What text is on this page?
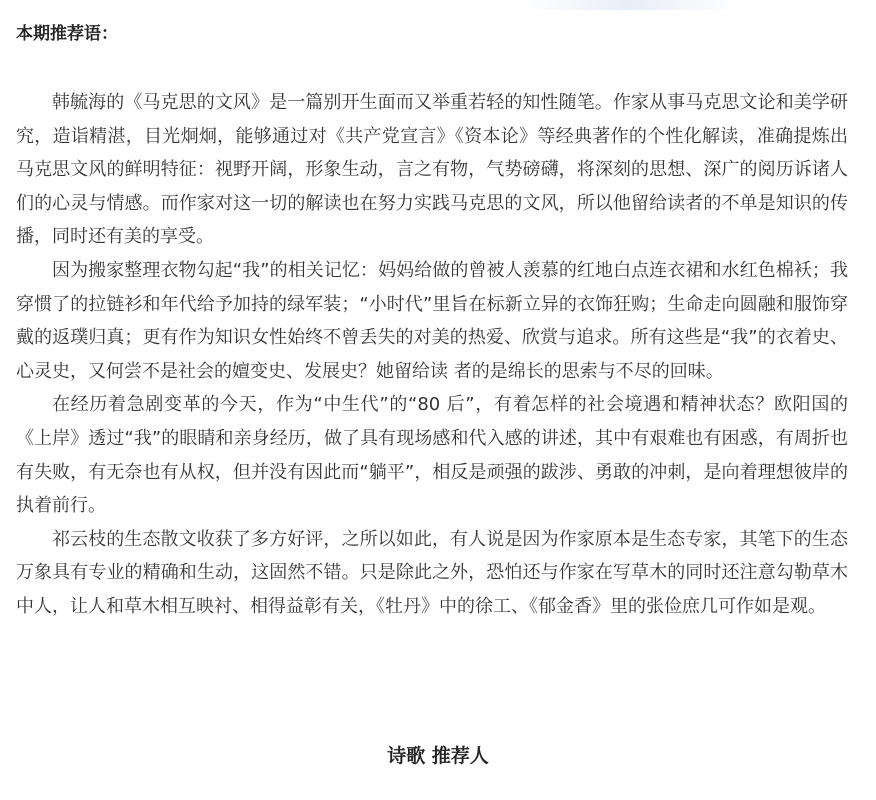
本期推荐语：

韩毓海的《马克思的文风》是一篇别开生面而又举重若轻的知性随笔。作家从事马克思文论和美学研究，造诣精湛，目光炯炯，能够通过对《共产党宣言》《资本论》等经典著作的个性化解读，准确提炼出马克思文风的鲜明特征：视野开阔，形象生动，言之有物，气势磅礴，将深刻的思想、深广的阅历诉诸人们的心灵与情感。而作家对这一切的解读也在努力实践马克思的文风，所以他留给读者的不单是知识的传播，同时还有美的享受。

因为搬家整理衣物勾起“我”的相关记忆：妈妈给做的曾被人羡慕的红地白点连衣裙和水红色棉袄；我穿惯了的拉链衫和年代给予加持的绿军装；“小时代”里旨在标新立异的衣饰狂购；生命走向圆融和服饰穿戴的返璞归真；更有作为知识女性始终不曾丢失的对美的热爱、欣赏与追求。所有这些是“我”的衣着史、心灵史，又何尝不是社会的嬗变史、发展史？她留给读 者的是绵长的思索与不尽的回味。

在经历着急剧变革的今天，作为“中生代”的“80 后”，有着怎样的社会境遇和精神状态？欧阳国的《上岸》透过“我”的眼睛和亲身经历，做了具有现场感和代入感的讲述，其中有艰难也有困惑，有周折也有失败，有无奈也有从权，但并没有因此而“躺平”，相反是顽强的跋涉、勇敢的冲刺，是向着理想彼岸的执着前行。

祁云枝的生态散文收获了多方好评，之所以如此，有人说是因为作家原本是生态专家，其笔下的生态万象具有专业的精确和生动，这固然不错。只是除此之外，恐怕还与作家在写草木的同时还注意勾勒草木中人，让人和草木相互映衬、相得益彰有关，《牡丹》中的徐工、《郁金香》里的张俭庶几可作如是观。

诗歌 推荐人
